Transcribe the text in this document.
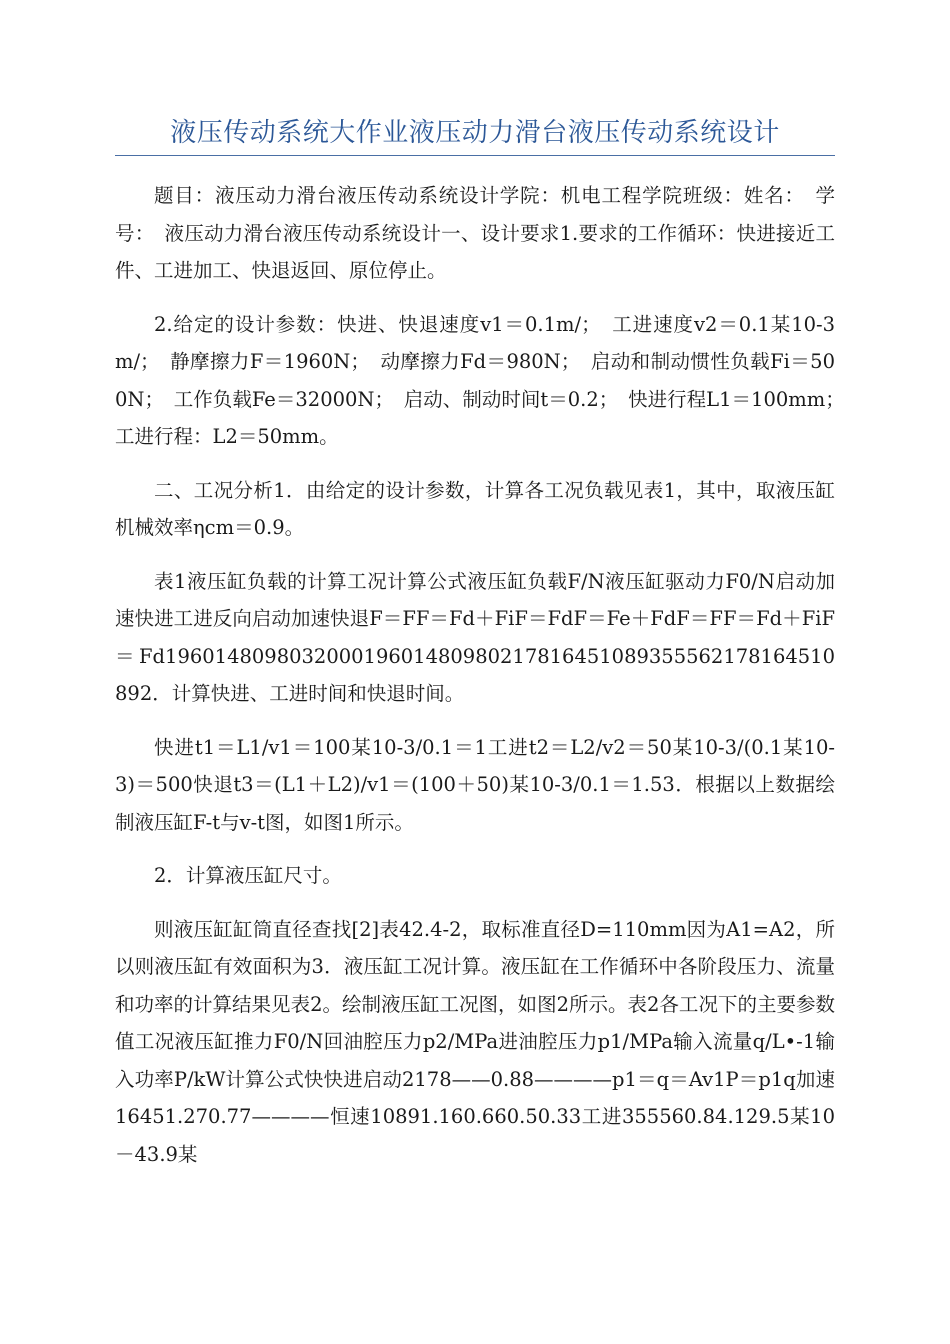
液压传动系统大作业液压动力滑台液压传动系统设计

题目：液压动力滑台液压传动系统设计学院：机电工程学院班级：姓名：　学号：　液压动力滑台液压传动系统设计一、设计要求1.要求的工作循环：快进接近工件、工进加工、快退返回、原位停止。

2.给定的设计参数：快进、快退速度v1＝0.1m/；　工进速度v2＝0.1某10-3m/；　静摩擦力F＝1960N；　动摩擦力Fd＝980N；　启动和制动惯性负载Fi＝500N；　工作负载Fe＝32000N；　启动、制动时间t＝0.2；　快进行程L1＝100mm；　工进行程：L2＝50mm。

二、工况分析1．由给定的设计参数，计算各工况负载见表1，其中，取液压缸机械效率ηcm＝0.9。

表1液压缸负载的计算工况计算公式液压缸负载F/N液压缸驱动力F0/N启动加速快进工进反向启动加速快退F＝FF＝Fd＋FiF＝FdF＝Fe＋FdF＝FF＝Fd＋FiF＝Fd196014809803200019601480980217816451089355562178164510892．计算快进、工进时间和快退时间。

快进t1＝L1/v1＝100某10-3/0.1＝1工进t2＝L2/v2＝50某10-3/(0.1某10-3)＝500快退t3＝(L1＋L2)/v1＝(100＋50)某10-3/0.1＝1.53．根据以上数据绘制液压缸F-t与v-t图，如图1所示。

2．计算液压缸尺寸。

则液压缸缸筒直径查找[2]表42.4-2，取标准直径D=110mm因为A1=A2，所以则液压缸有效面积为3．液压缸工况计算。液压缸在工作循环中各阶段压力、流量和功率的计算结果见表2。绘制液压缸工况图，如图2所示。表2各工况下的主要参数值工况液压缸推力F0/N回油腔压力p2/MPa进油腔压力p1/MPa输入流量q/L•-1输入功率P/kW计算公式快快进启动2178——0.88————p1＝q＝Av1P＝p1q加速16451.270.77————恒速10891.160.660.50.33工进355560.84.129.5某10－43.9某
